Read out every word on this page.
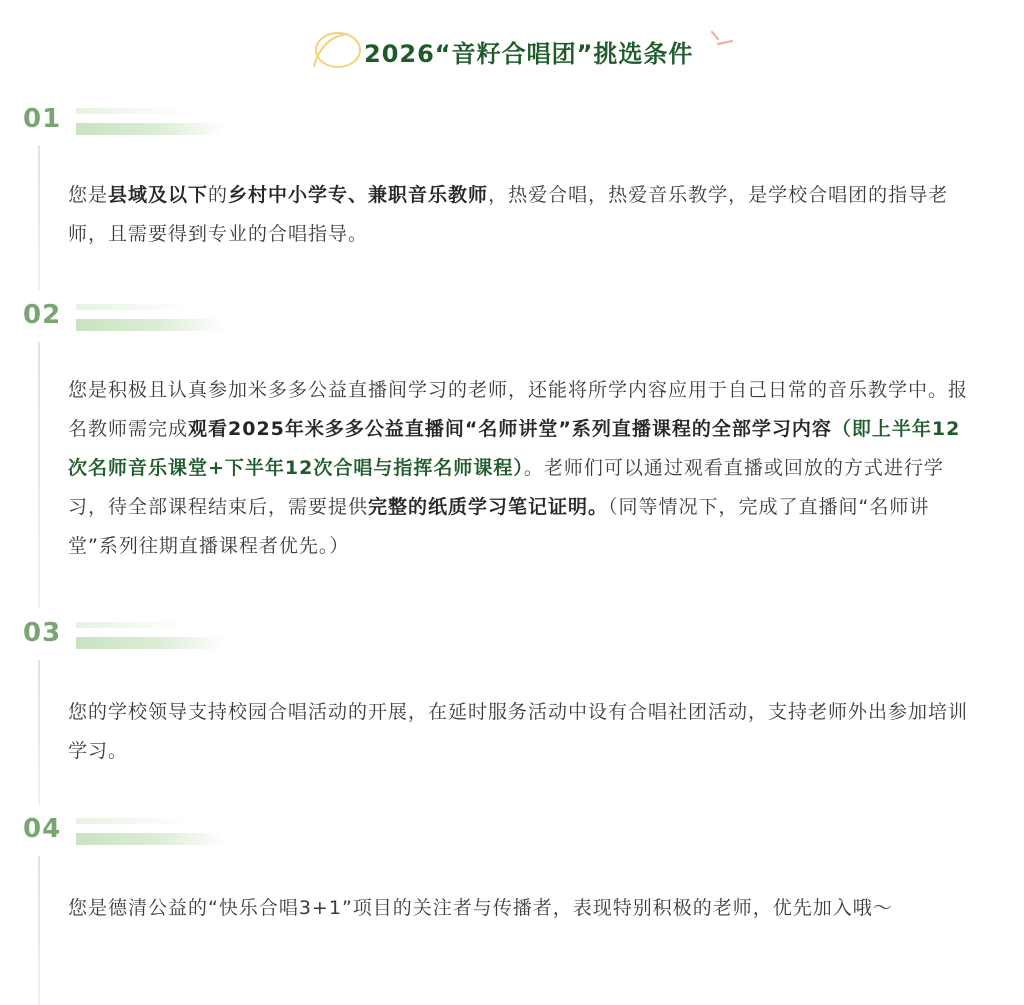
2026“音籽合唱团”挑选条件
01

您是县域及以下的乡村中小学专、兼职音乐教师，热爱合唱，热爱音乐教学，是学校合唱团的指导老师，且需要得到专业的合唱指导。

02

您是积极且认真参加米多多公益直播间学习的老师，还能将所学内容应用于自己日常的音乐教学中。报名教师需完成观看2025年米多多公益直播间“名师讲堂”系列直播课程的全部学习内容（即上半年12次名师音乐课堂+下半年12次合唱与指挥名师课程）。老师们可以通过观看直播或回放的方式进行学习，待全部课程结束后，需要提供完整的纸质学习笔记证明。（同等情况下，完成了直播间“名师讲堂”系列往期直播课程者优先。）

03

您的学校领导支持校园合唱活动的开展，在延时服务活动中设有合唱社团活动，支持老师外出参加培训学习。

04

您是德清公益的“快乐合唱3+1”项目的关注者与传播者，表现特别积极的老师，优先加入哦～
